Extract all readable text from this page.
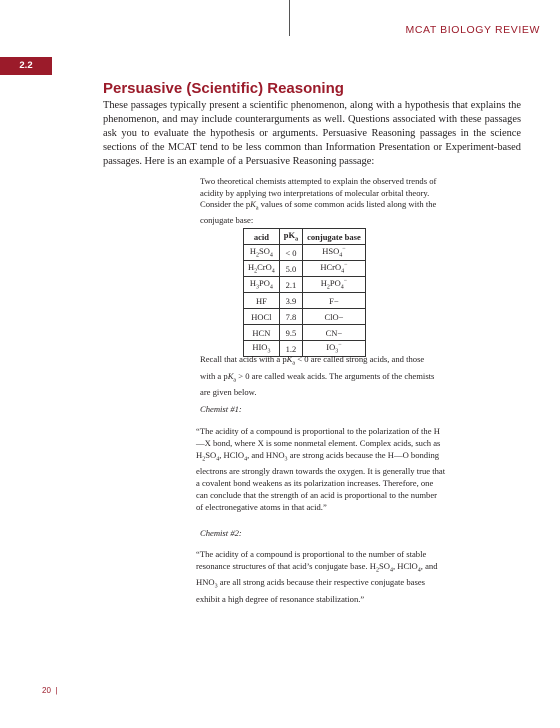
MCAT BIOLOGY REVIEW
2.2
Persuasive (Scientific) Reasoning

These passages typically present a scientific phenomenon, along with a hypothesis that explains the phenomenon, and may include counterarguments as well. Questions associated with these passages ask you to evaluate the hypothesis or arguments. Persuasive Reasoning passages in the science sections of the MCAT tend to be less common than Information Presentation or Experiment-based passages. Here is an example of a Persuasive Reasoning passage:

Two theoretical chemists attempted to explain the observed trends of acidity by applying two interpretations of molecular orbital theory. Consider the $pK_a$ values of some common acids listed along with the conjugate base:

acid	$pK_a$	conjugate base
$H_2SO_4$	< 0	$HSO_4^-$
$H_2CrO_4$	5.0	HCrO$_4$−
$H_3PO_4$	2.1	$H_2PO_4^-$
HF	3.9	F−
HOCl	7.8	ClO−
HCN	9.5	CN−
$HIO_3$	1.2	$IO_3^-$

Recall that acids with a $pK_a < 0$ are called strong acids, and those with a $pK_a > 0$ are called weak acids. The arguments of the chemists are given below.

Chemist #1:

“The acidity of a compound is proportional to the polarization of the H—X bond, where X is some nonmetal element. Complex acids, such as $H_2SO_4$, HClO$_4$, and $HNO_3$ are strong acids because the H—O bonding electrons are strongly drawn towards the oxygen. It is generally true that a covalent bond weakens as its polarization increases. Therefore, one can conclude that the strength of an acid is proportional to the number of electronegative atoms in that acid.”

Chemist #2:

“The acidity of a compound is proportional to the number of stable resonance structures of that acid’s conjugate base. $H_2SO_4$, HClO$_4$, and $HNO_3$ are all strong acids because their respective conjugate bases exhibit a high degree of resonance stabilization.”

20  |
